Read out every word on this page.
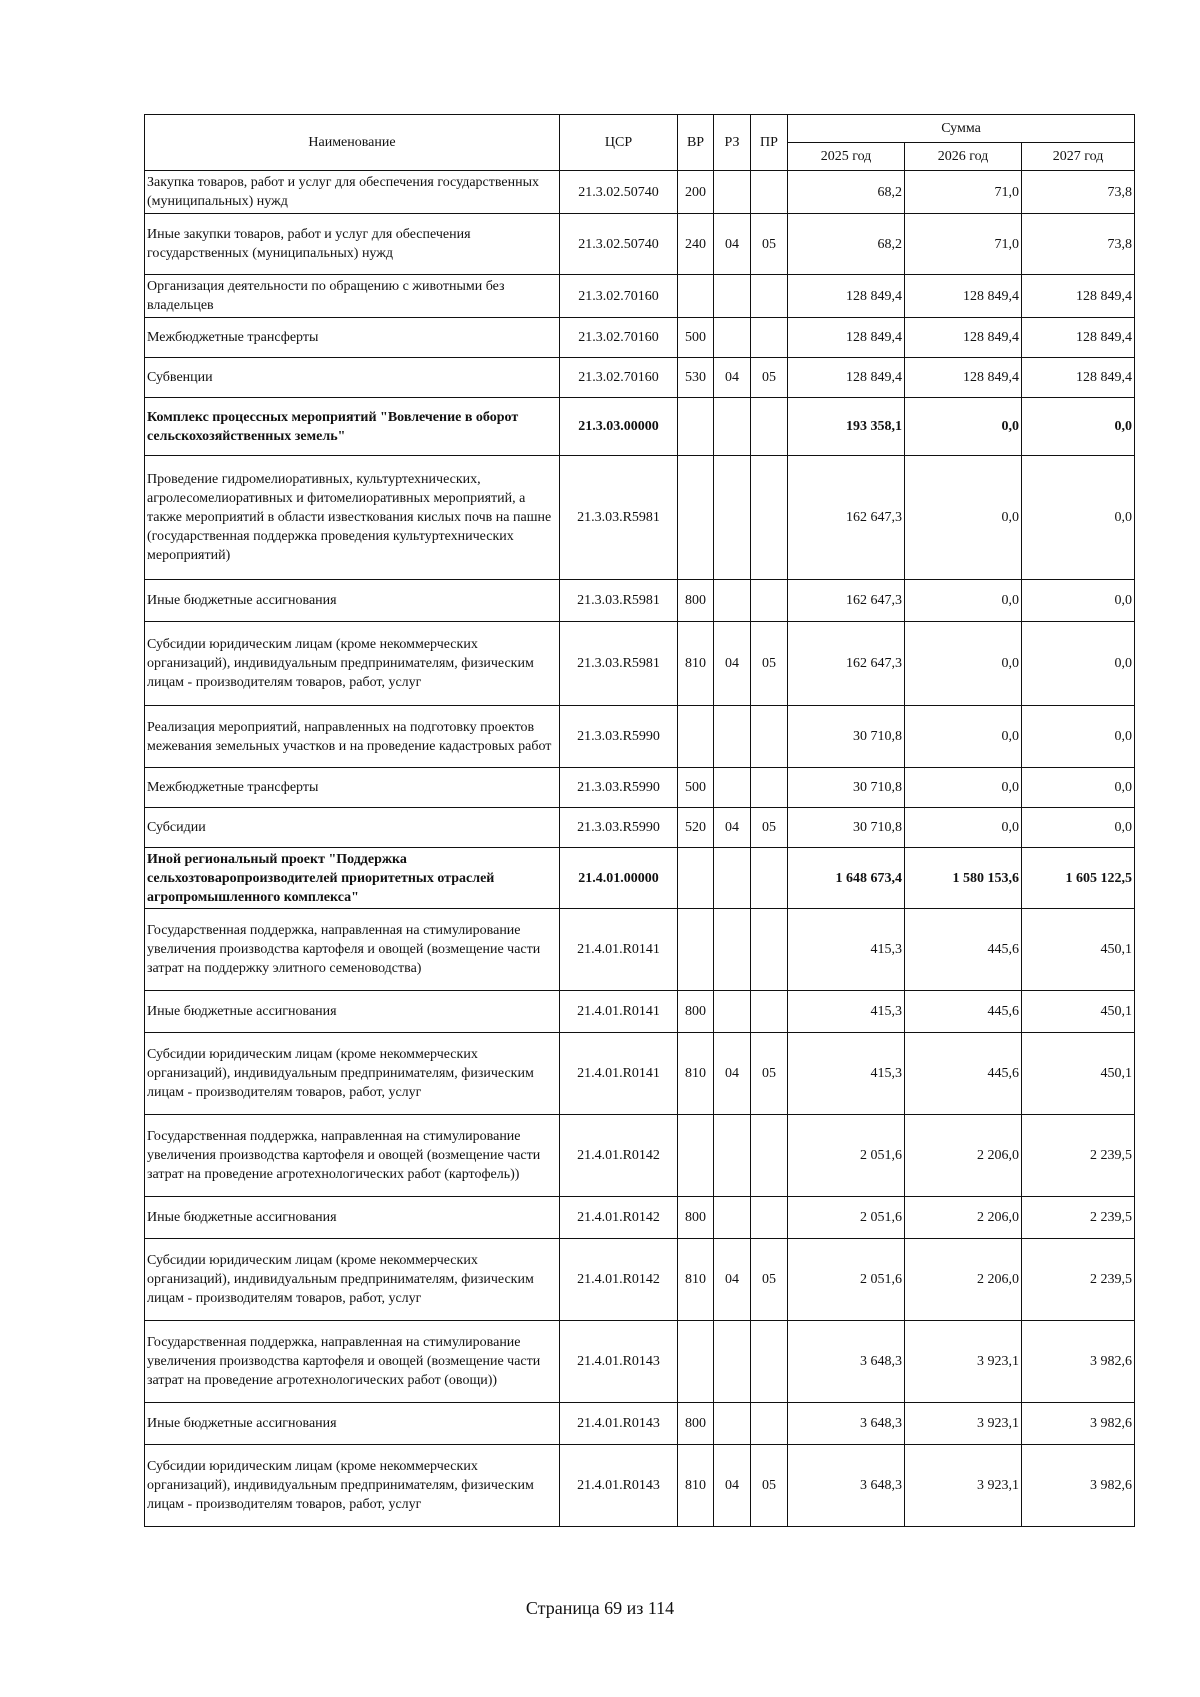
Наименование	ЦСР	ВР	РЗ	ПР	Сумма		
					2025 год	2026 год	2027 год
Закупка товаров, работ и услуг для обеспечения государственных (муниципальных) нужд	21.3.02.50740	200			68,2	71,0	73,8
Иные закупки товаров, работ и услуг для обеспечения государственных (муниципальных) нужд	21.3.02.50740	240	04	05	68,2	71,0	73,8
Организация деятельности по обращению с животными без владельцев	21.3.02.70160				128 849,4	128 849,4	128 849,4
Межбюджетные трансферты	21.3.02.70160	500			128 849,4	128 849,4	128 849,4
Субвенции	21.3.02.70160	530	04	05	128 849,4	128 849,4	128 849,4
Комплекс процессных мероприятий "Вовлечение в оборот сельскохозяйственных земель"	21.3.03.00000				193 358,1	0,0	0,0
Проведение гидромелиоративных, культуртехнических, агролесомелиоративных и фитомелиоративных мероприятий, а также мероприятий в области известкования кислых почв на пашне (государственная поддержка проведения культуртехнических мероприятий)	21.3.03.R5981				162 647,3	0,0	0,0
Иные бюджетные ассигнования	21.3.03.R5981	800			162 647,3	0,0	0,0
Субсидии юридическим лицам (кроме некоммерческих организаций), индивидуальным предпринимателям, физическим лицам - производителям товаров, работ, услуг	21.3.03.R5981	810	04	05	162 647,3	0,0	0,0
Реализация мероприятий, направленных на подготовку проектов межевания земельных участков и на проведение кадастровых работ	21.3.03.R5990				30 710,8	0,0	0,0
Межбюджетные трансферты	21.3.03.R5990	500			30 710,8	0,0	0,0
Субсидии	21.3.03.R5990	520	04	05	30 710,8	0,0	0,0
Иной региональный проект "Поддержка сельхозтоваропроизводителей приоритетных отраслей агропромышленного комплекса"	21.4.01.00000				1 648 673,4	1 580 153,6	1 605 122,5
Государственная поддержка, направленная на стимулирование увеличения производства картофеля и овощей (возмещение части затрат на поддержку элитного семеноводства)	21.4.01.R0141				415,3	445,6	450,1
Иные бюджетные ассигнования	21.4.01.R0141	800			415,3	445,6	450,1
Субсидии юридическим лицам (кроме некоммерческих организаций), индивидуальным предпринимателям, физическим лицам - производителям товаров, работ, услуг	21.4.01.R0141	810	04	05	415,3	445,6	450,1
Государственная поддержка, направленная на стимулирование увеличения производства картофеля и овощей (возмещение части затрат на проведение агротехнологических работ (картофель))	21.4.01.R0142				2 051,6	2 206,0	2 239,5
Иные бюджетные ассигнования	21.4.01.R0142	800			2 051,6	2 206,0	2 239,5
Субсидии юридическим лицам (кроме некоммерческих организаций), индивидуальным предпринимателям, физическим лицам - производителям товаров, работ, услуг	21.4.01.R0142	810	04	05	2 051,6	2 206,0	2 239,5
Государственная поддержка, направленная на стимулирование увеличения производства картофеля и овощей (возмещение части затрат на проведение агротехнологических работ (овощи))	21.4.01.R0143				3 648,3	3 923,1	3 982,6
Иные бюджетные ассигнования	21.4.01.R0143	800			3 648,3	3 923,1	3 982,6
Субсидии юридическим лицам (кроме некоммерческих организаций), индивидуальным предпринимателям, физическим лицам - производителям товаров, работ, услуг	21.4.01.R0143	810	04	05	3 648,3	3 923,1	3 982,6
Страница 69 из 114
